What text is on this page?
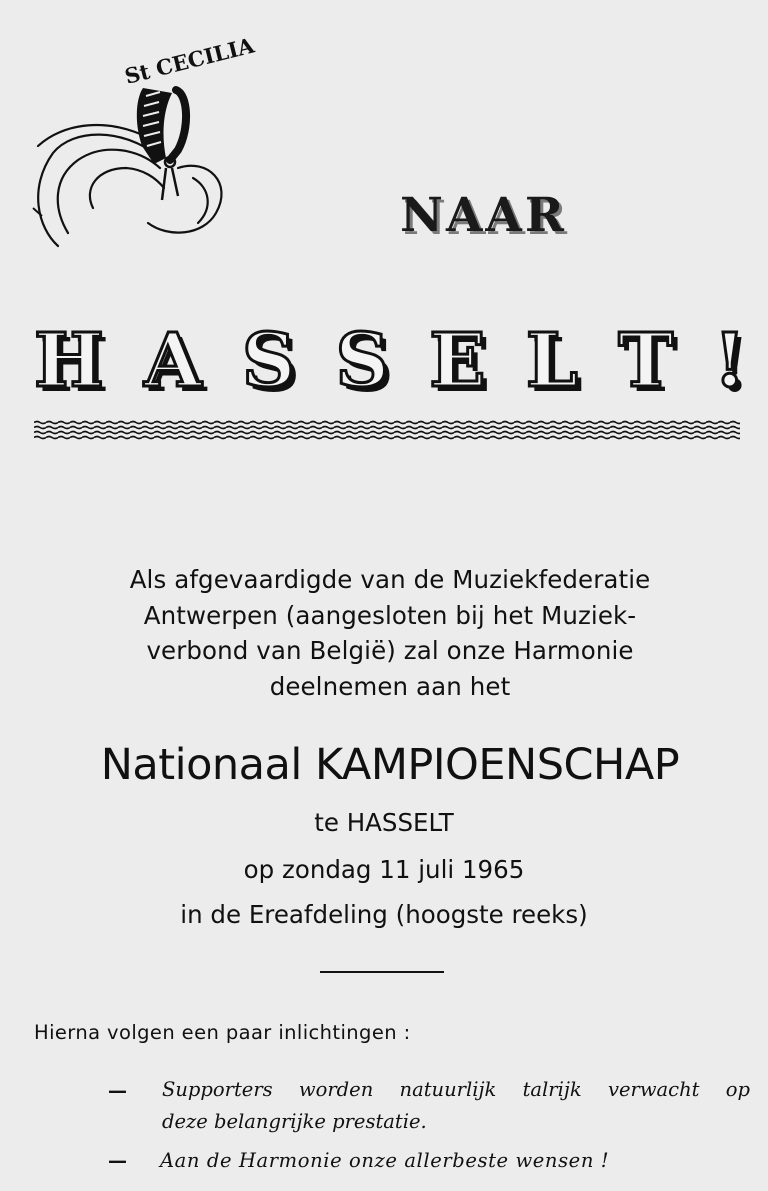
St CECILIA
NAAR
H A S S E L T !
Als afgevaardigde van de Muziekfederatie
Antwerpen (aangesloten bij het Muziek-
verbond van België) zal onze Harmonie
deelnemen aan het
Nationaal KAMPIOENSCHAP
te HASSELT
op zondag 11 juli 1965
in de Ereafdeling (hoogste reeks)
Hierna volgen een paar inlichtingen :
— Supporters worden natuurlijk talrijk verwacht op
deze belangrijke prestatie.
— Aan de Harmonie onze allerbeste wensen !
